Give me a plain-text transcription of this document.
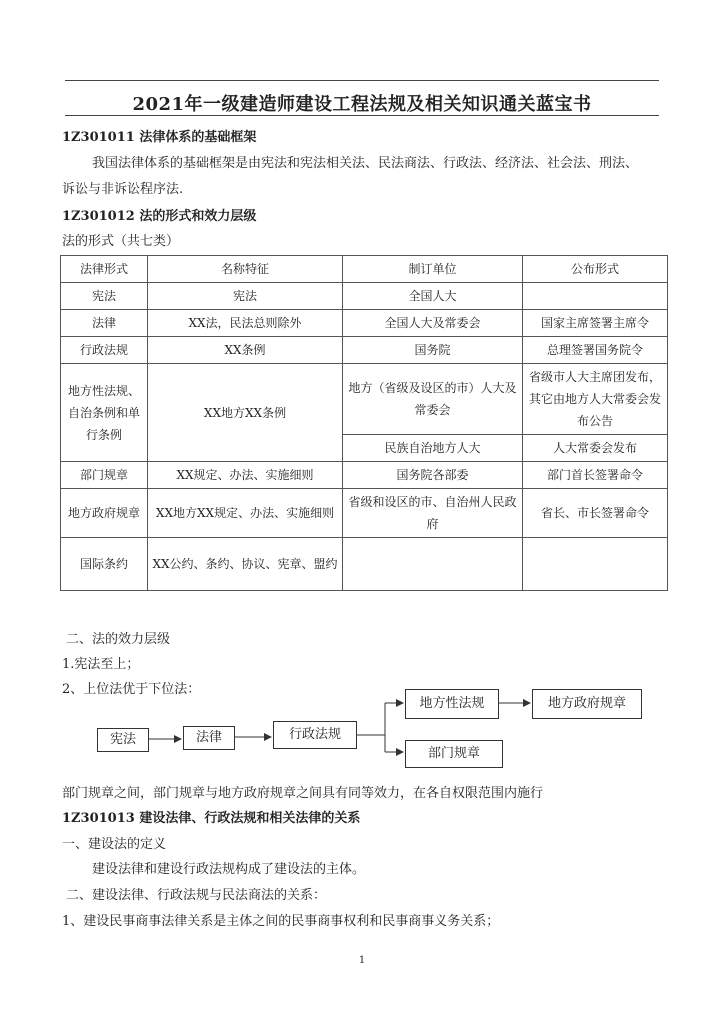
2021年一级建造师建设工程法规及相关知识通关蓝宝书
1Z301011 法律体系的基础框架
我国法律体系的基础框架是由宪法和宪法相关法、民法商法、行政法、经济法、社会法、刑法、
诉讼与非诉讼程序法.
1Z301012 法的形式和效力层级
法的形式（共七类）
法律形式	名称特征	制订单位	公布形式
宪法	宪法	全国人大	
法律	XX法，民法总则除外	全国人大及常委会	国家主席签署主席令
行政法规	XX条例	国务院	总理签署国务院令
地方性法规、自治条例和单行条例	XX地方XX条例	地方（省级及设区的市）人大及常委会	省级市人大主席团发布，其它由地方人大常委会发布公告
		民族自治地方人大	人大常委会发布
部门规章	XX规定、办法、实施细则	国务院各部委	部门首长签署命令
地方政府规章	XX地方XX规定、办法、实施细则	省级和设区的市、自治州人民政府	省长、市长签署命令
国际条约	XX公约、条约、协议、宪章、盟约		
二、法的效力层级
1.宪法至上；
2、上位法优于下位法：
宪法	法律	行政法规
地方性法规	地方政府规章
部门规章
部门规章之间，部门规章与地方政府规章之间具有同等效力，在各自权限范围内施行
1Z301013 建设法律、行政法规和相关法律的关系
一、建设法的定义
建设法律和建设行政法规构成了建设法的主体。
二、建设法律、行政法规与民法商法的关系：
1、建设民事商事法律关系是主体之间的民事商事权利和民事商事义务关系；
1
